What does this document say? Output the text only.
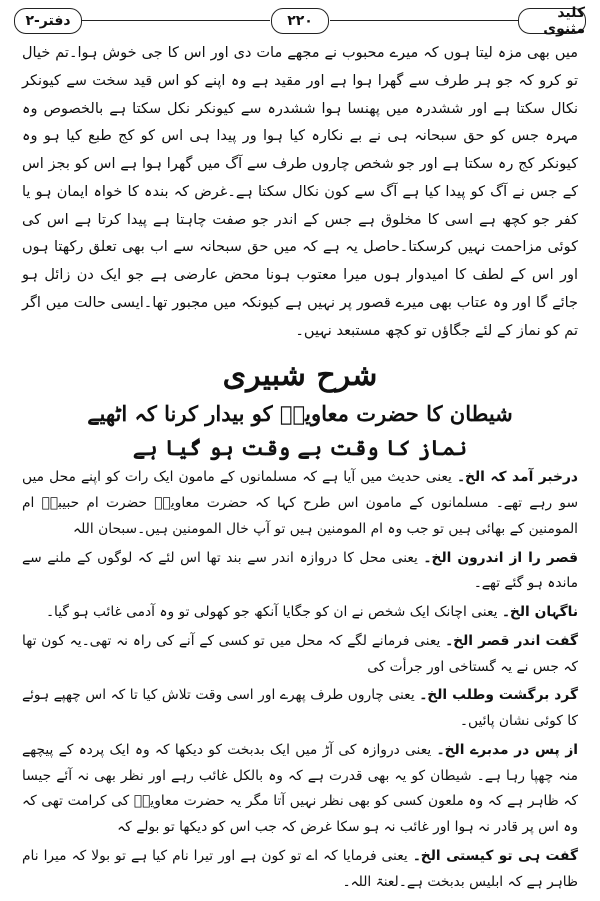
کلید مثنوی
۲۲۰
دفتر-۲

میں بھی مزہ لیتا ہوں کہ میرے محبوب نے مجھے مات دی اور اس کا جی خوش ہوا۔تم خیال تو کرو کہ جو ہر طرف سے گھرا ہوا ہے اور مقید ہے وہ اپنے کو اس قید سخت سے کیونکر نکال سکتا ہے اور ششدرہ میں پھنسا ہوا ششدرہ سے کیونکر نکل سکتا ہے بالخصوص وہ مہرہ جس کو حق سبحانہ ہی نے بے نکارہ کیا ہوا ور پیدا ہی اس کو کج طبع کیا ہو وہ کیونکر کج رہ سکتا ہے اور جو شخص چاروں طرف سے آگ میں گھرا ہوا ہے اس کو بجز اس کے جس نے آگ کو پیدا کیا ہے آگ سے کون نکال سکتا ہے۔غرض کہ بندہ کا خواہ ایمان ہو یا کفر جو کچھ ہے اسی کا مخلوق ہے جس کے اندر جو صفت چاہتا ہے پیدا کرتا ہے اس کی کوئی مزاحمت نہیں کرسکتا۔حاصل یہ ہے کہ میں حق سبحانہ سے اب بھی تعلق رکھتا ہوں اور اس کے لطف کا امیدوار ہوں میرا معتوب ہونا محض عارضی ہے جو ایک دن زائل ہو جائے گا اور وہ عتاب بھی میرے قصور پر نہیں ہے کیونکہ میں مجبور تھا۔ایسی حالت میں اگر تم کو نماز کے لئے جگاؤں تو کچھ مستبعد نہیں۔

شرح شبیری
شیطان کا حضرت معاویہؓ کو بیدار کرنا کہ اٹھیے
نماز کا وقت بے وقت ہو گیا ہے

درخبر آمد کہ الخ۔ یعنی حدیث میں آیا ہے کہ مسلمانوں کے مامون ایک رات کو اپنے محل میں سو رہے تھے۔ مسلمانوں کے مامون اس طرح کہا کہ حضرت معاویہؓ حضرت ام حبیبہؓ ام المومنین کے بھائی ہیں تو جب وہ ام المومنین ہیں تو آپ خال المومنین ہیں۔سبحان اللہ

قصر را از اندرون الخ۔ یعنی محل کا دروازہ اندر سے بند تھا اس لئے کہ لوگوں کے ملنے سے ماندہ ہو گئے تھے۔

ناگہان الخ۔ یعنی اچانک ایک شخص نے ان کو جگایا آنکھ جو کھولی تو وہ آدمی غائب ہو گیا۔

گفت اندر قصر الخ۔ یعنی فرمانے لگے کہ محل میں تو کسی کے آنے کی راہ نہ تھی۔یہ کون تھا کہ جس نے یہ گستاخی اور جرأت کی

گرد برگشت وطلب الخ۔ یعنی چاروں طرف پھرے اور اسی وقت تلاش کیا تا کہ اس چھپے ہوئے کا کوئی نشان پائیں۔

از پس در مدبرے الخ۔ یعنی دروازہ کی آڑ میں ایک بدبخت کو دیکھا کہ وہ ایک پردہ کے پیچھے منہ چھپا رہا ہے۔ شیطان کو یہ بھی قدرت ہے کہ وہ بالکل غائب رہے اور نظر بھی نہ آئے جیسا کہ ظاہر ہے کہ وہ ملعون کسی کو بھی نظر نہیں آتا مگر یہ حضرت معاویہؓ کی کرامت تھی کہ وہ اس پر قادر نہ ہوا اور غائب نہ ہو سکا غرض کہ جب اس کو دیکھا تو بولے کہ

گفت ہی تو کیستی الخ۔ یعنی فرمایا کہ اے تو کون ہے اور تیرا نام کیا ہے تو بولا کہ میرا نام ظاہر ہے کہ ابلیس بدبخت ہے۔لعنۃ اللہ۔
